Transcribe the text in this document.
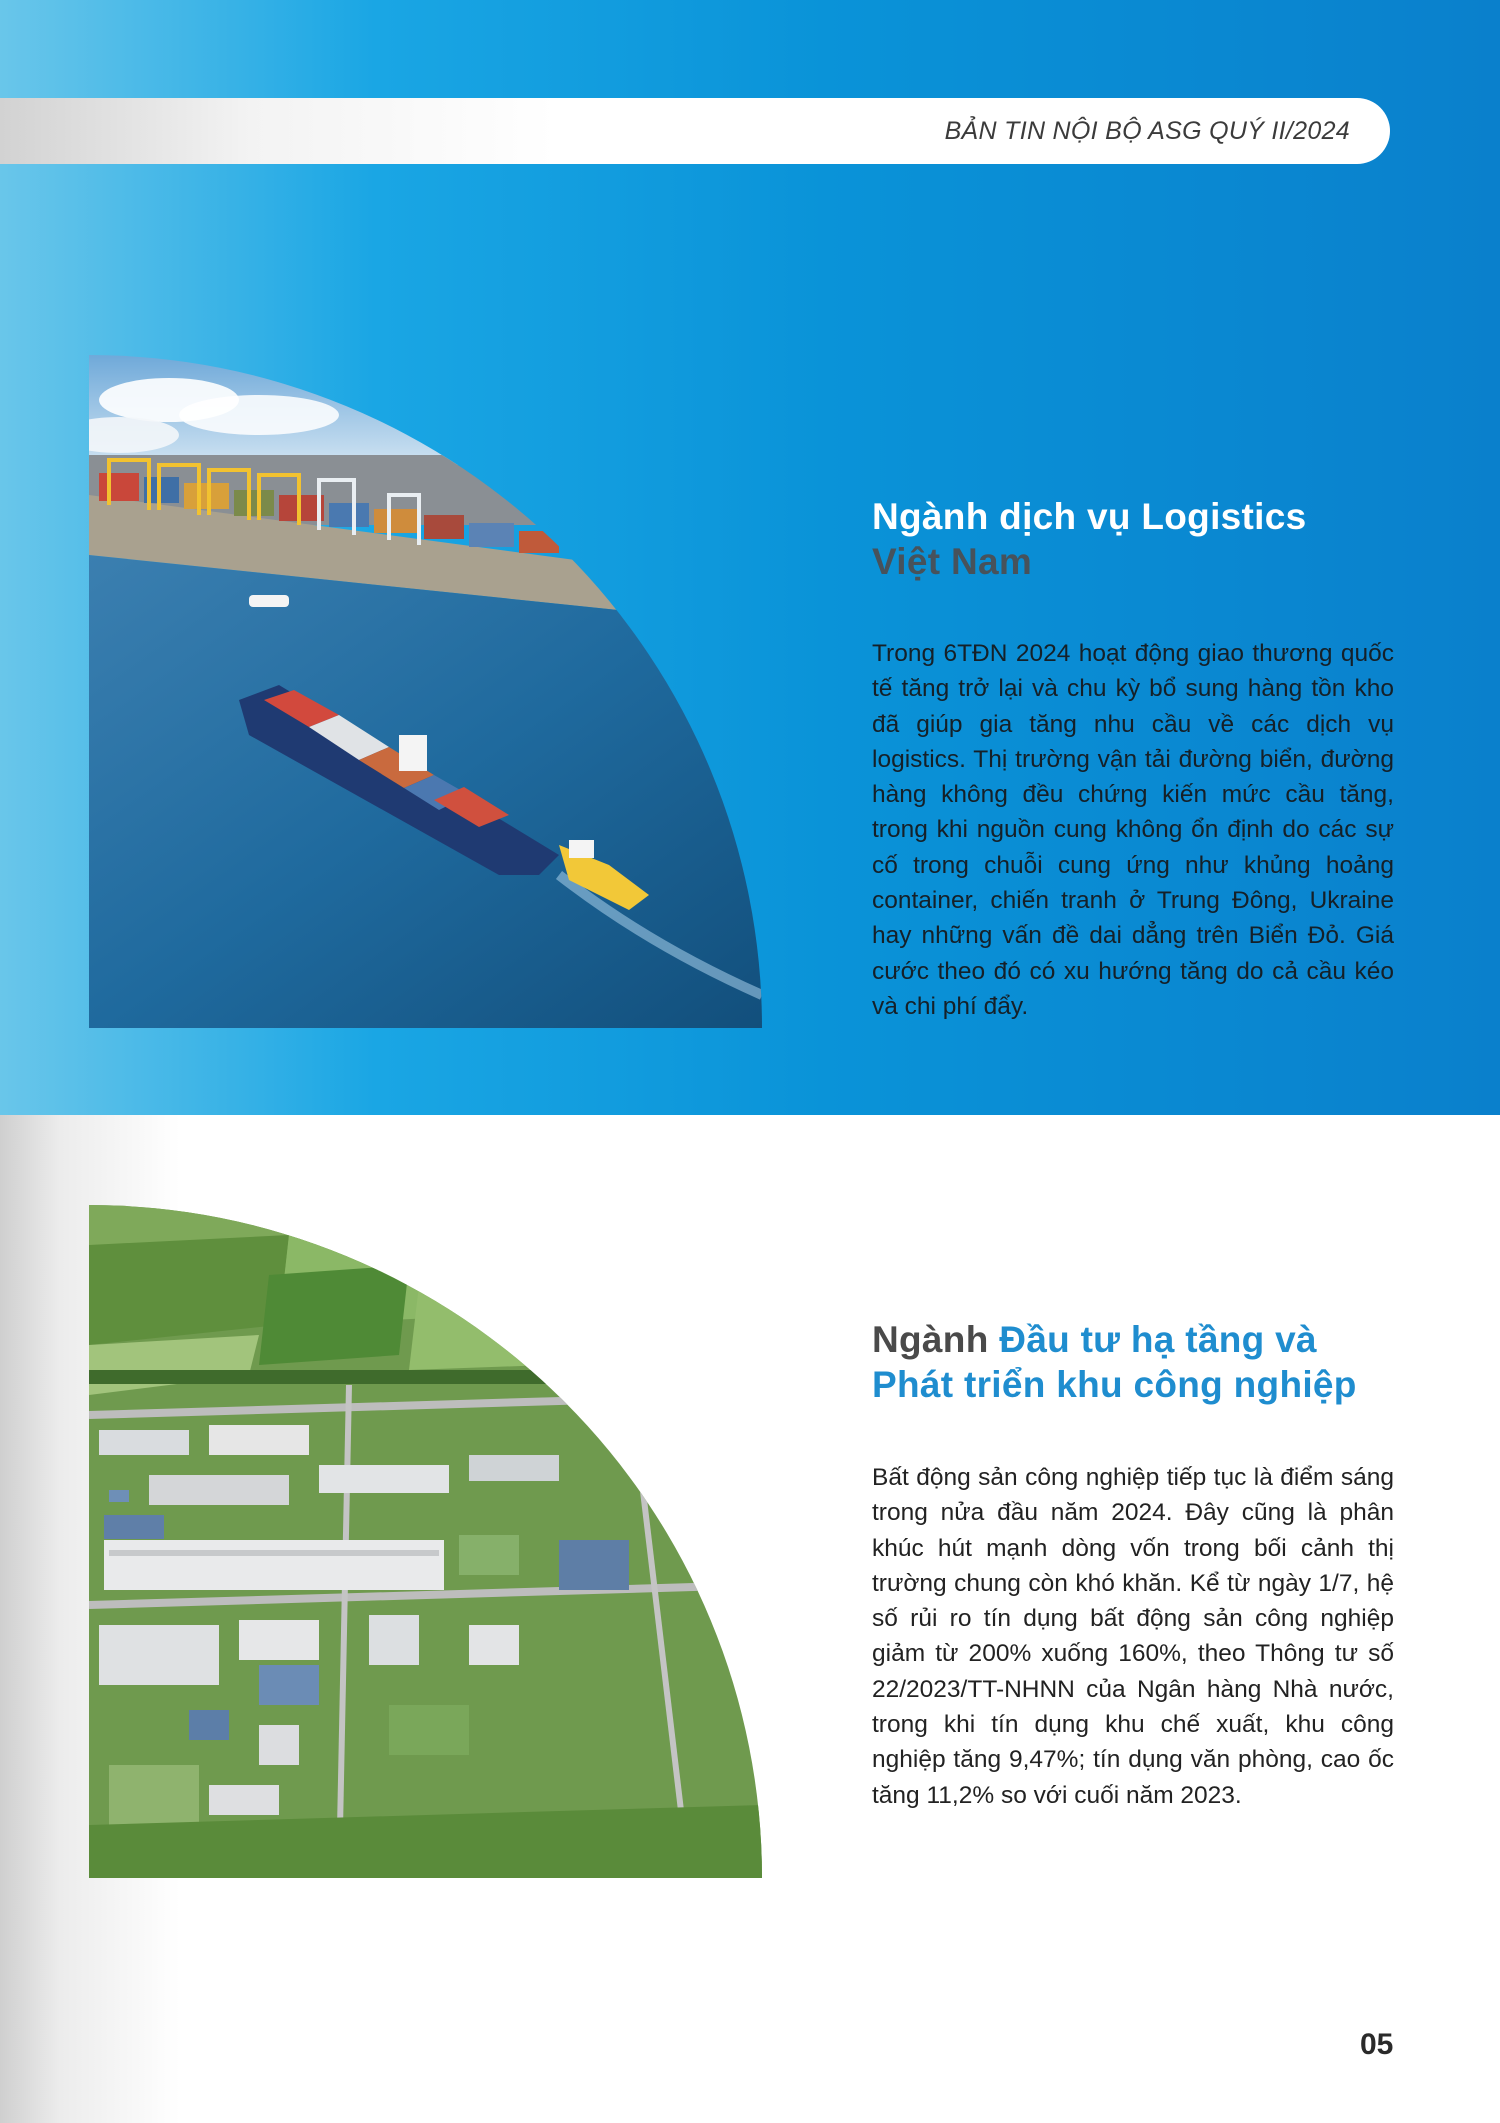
BẢN TIN NỘI BỘ ASG QUÝ II/2024
Ngành dịch vụ Logistics
Việt Nam

Trong 6TĐN 2024 hoạt động giao thương quốc tế tăng trở lại và chu kỳ bổ sung hàng tồn kho đã giúp gia tăng nhu cầu về các dịch vụ logistics. Thị trường vận tải đường biển, đường hàng không đều chứng kiến mức cầu tăng, trong khi nguồn cung không ổn định do các sự cố trong chuỗi cung ứng như khủng hoảng container, chiến tranh ở Trung Đông, Ukraine hay những vấn đề dai dẳng trên Biển Đỏ. Giá cước theo đó có xu hướng tăng do cả cầu kéo và chi phí đẩy.

Ngành Đầu tư hạ tầng và
Phát triển khu công nghiệp

Bất động sản công nghiệp tiếp tục là điểm sáng trong nửa đầu năm 2024. Đây cũng là phân khúc hút mạnh dòng vốn trong bối cảnh thị trường chung còn khó khăn. Kể từ ngày 1/7, hệ số rủi ro tín dụng bất động sản công nghiệp giảm từ 200% xuống 160%, theo Thông tư số 22/2023/TT-NHNN của Ngân hàng Nhà nước, trong khi tín dụng khu chế xuất, khu công nghiệp tăng 9,47%; tín dụng văn phòng, cao ốc tăng 11,2% so với cuối năm 2023.

05
